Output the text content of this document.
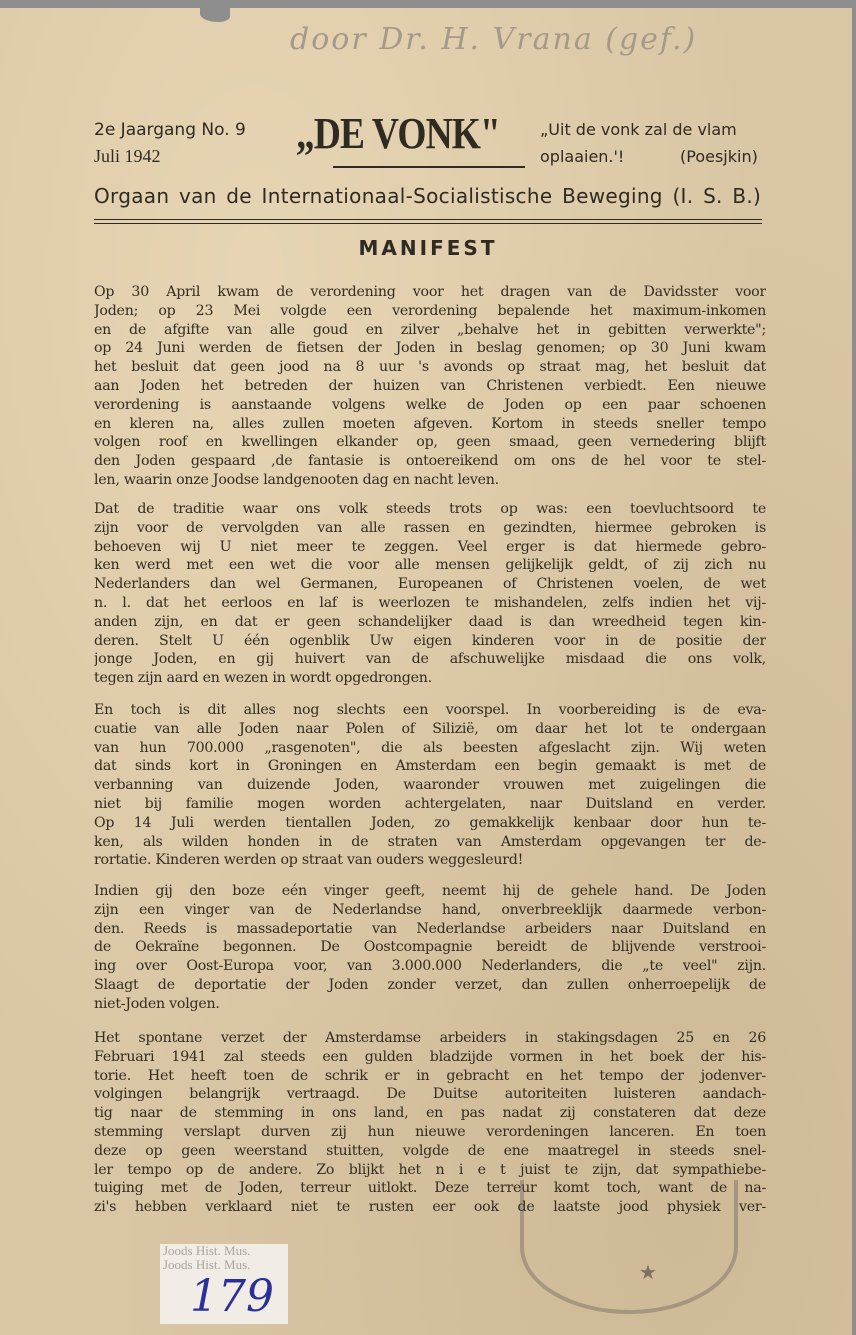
door Dr. H. Vrana (gef.)
2e Jaargang No. 9
Juli 1942	„DE VONK"	„Uit de vonk zal de vlam
oplaaien.'!	(Poesjkin)
Orgaan van de Internationaal-Socialistische Beweging (I. S. B.)
MANIFEST
Op 30 April kwam de verordening voor het dragen van de Davidsster voor
Joden; op 23 Mei volgde een verordening bepalende het maximum-inkomen
en de afgifte van alle goud en zilver „behalve het in gebitten verwerkte";
op 24 Juni werden de fietsen der Joden in beslag genomen; op 30 Juni kwam
het besluit dat geen jood na 8 uur 's avonds op straat mag, het besluit dat
aan Joden het betreden der huizen van Christenen verbiedt. Een nieuwe
verordening is aanstaande volgens welke de Joden op een paar schoenen
en kleren na, alles zullen moeten afgeven. Kortom in steeds sneller tempo
volgen roof en kwellingen elkander op, geen smaad, geen vernedering blijft
den Joden gespaard ,de fantasie is ontoereikend om ons de hel voor te stel-
len, waarin onze Joodse landgenooten dag en nacht leven.
Dat de traditie waar ons volk steeds trots op was: een toevluchtsoord te
zijn voor de vervolgden van alle rassen en gezindten, hiermee gebroken is
behoeven wij U niet meer te zeggen. Veel erger is dat hiermede gebro-
ken werd met een wet die voor alle mensen gelijkelijk geldt, of zij zich nu
Nederlanders dan wel Germanen, Europeanen of Christenen voelen, de wet
n. l. dat het eerloos en laf is weerlozen te mishandelen, zelfs indien het vij-
anden zijn, en dat er geen schandelijker daad is dan wreedheid tegen kin-
deren. Stelt U één ogenblik Uw eigen kinderen voor in de positie der
jonge Joden, en gij huivert van de afschuwelijke misdaad die ons volk,
tegen zijn aard en wezen in wordt opgedrongen.
En toch is dit alles nog slechts een voorspel. In voorbereiding is de eva-
cuatie van alle Joden naar Polen of Silizië, om daar het lot te ondergaan
van hun 700.000 „rasgenoten", die als beesten afgeslacht zijn. Wij weten
dat sinds kort in Groningen en Amsterdam een begin gemaakt is met de
verbanning van duizende Joden, waaronder vrouwen met zuigelingen die
niet bij familie mogen worden achtergelaten, naar Duitsland en verder.
Op 14 Juli werden tientallen Joden, zo gemakkelijk kenbaar door hun te-
ken, als wilden honden in de straten van Amsterdam opgevangen ter de-
rortatie. Kinderen werden op straat van ouders weggesleurd!
Indien gij den boze eén vinger geeft, neemt hij de gehele hand. De Joden
zijn een vinger van de Nederlandse hand, onverbreeklijk daarmede verbon-
den. Reeds is massadeportatie van Nederlandse arbeiders naar Duitsland en
de Oekraïne begonnen. De Oostcompagnie bereidt de blijvende verstrooi-
ing over Oost-Europa voor, van 3.000.000 Nederlanders, die „te veel" zijn.
Slaagt de deportatie der Joden zonder verzet, dan zullen onherroepelijk de
niet-Joden volgen.
Het spontane verzet der Amsterdamse arbeiders in stakingsdagen 25 en 26
Februari 1941 zal steeds een gulden bladzijde vormen in het boek der his-
torie. Het heeft toen de schrik er in gebracht en het tempo der jodenver-
volgingen belangrijk vertraagd. De Duitse autoriteiten luisteren aandach-
tig naar de stemming in ons land, en pas nadat zij constateren dat deze
stemming verslapt durven zij hun nieuwe verordeningen lanceren. En toen
deze op geen weerstand stuitten, volgde de ene maatregel in steeds snel-
ler tempo op de andere. Zo blijkt het n i e t juist te zijn, dat sympathiebe-
tuiging met de Joden, terreur uitlokt. Deze terreur komt toch, want de na-
zi's hebben verklaard niet te rusten eer ook de laatste jood physiek ver-
Joods Hist. Mus.
Joods Hist. Mus.
179	★
